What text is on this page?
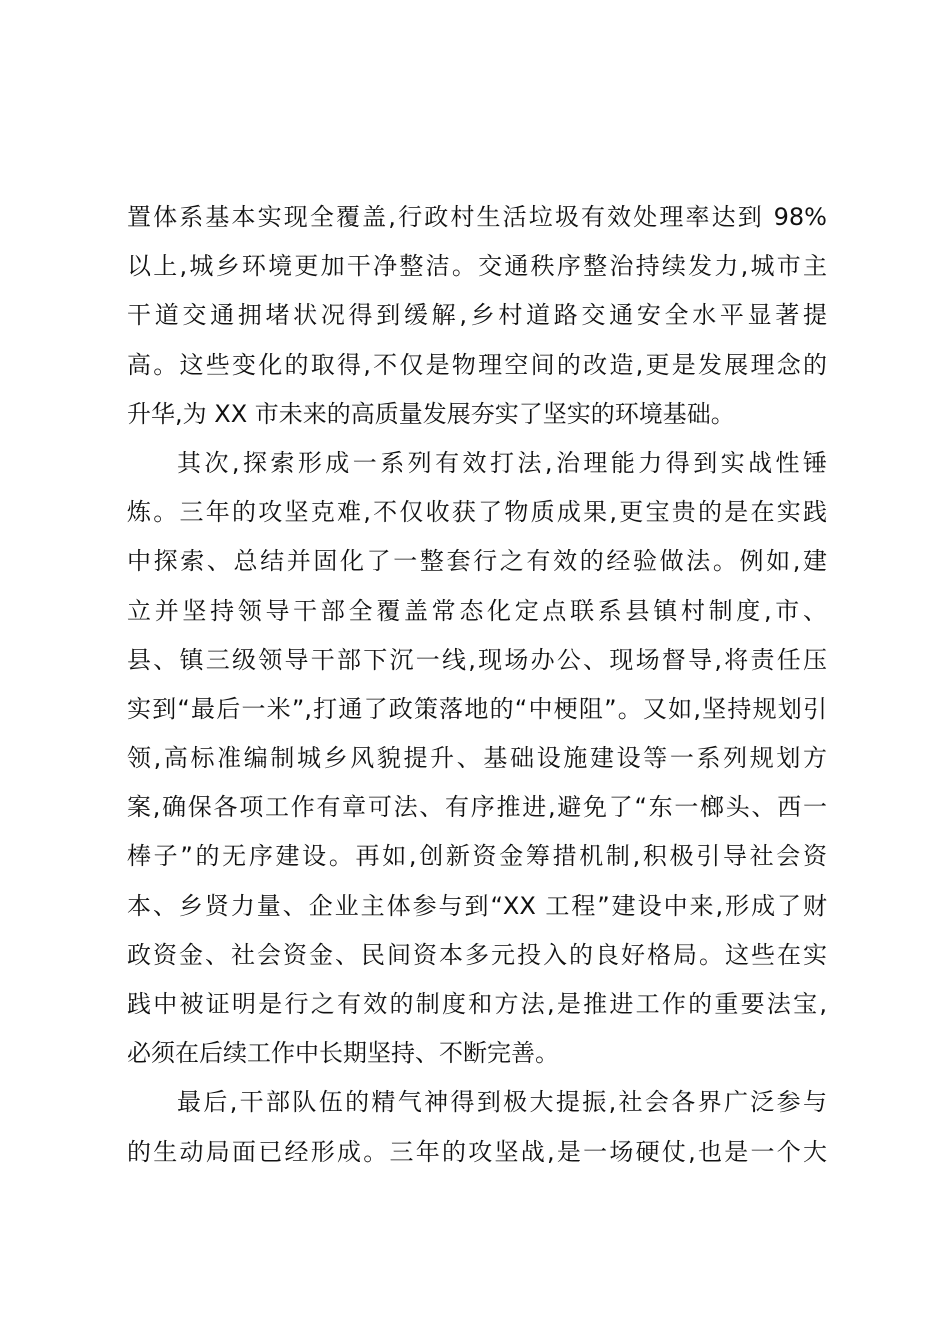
置体系基本实现全覆盖,行政村生活垃圾有效处理率达到 98%
以上,城乡环境更加干净整洁。交通秩序整治持续发力,城市主
干道交通拥堵状况得到缓解,乡村道路交通安全水平显著提
高。这些变化的取得,不仅是物理空间的改造,更是发展理念的
升华,为 XX 市未来的高质量发展夯实了坚实的环境基础。
其次,探索形成一系列有效打法,治理能力得到实战性锤
炼。三年的攻坚克难,不仅收获了物质成果,更宝贵的是在实践
中探索、总结并固化了一整套行之有效的经验做法。例如,建
立并坚持领导干部全覆盖常态化定点联系县镇村制度,市、
县、镇三级领导干部下沉一线,现场办公、现场督导,将责任压
实到“最后一米”,打通了政策落地的“中梗阻”。又如,坚持规划引
领,高标准编制城乡风貌提升、基础设施建设等一系列规划方
案,确保各项工作有章可法、有序推进,避免了“东一榔头、西一
棒子”的无序建设。再如,创新资金筹措机制,积极引导社会资
本、乡贤力量、企业主体参与到“XX 工程”建设中来,形成了财
政资金、社会资金、民间资本多元投入的良好格局。这些在实
践中被证明是行之有效的制度和方法,是推进工作的重要法宝,
必须在后续工作中长期坚持、不断完善。
最后,干部队伍的精气神得到极大提振,社会各界广泛参与
的生动局面已经形成。三年的攻坚战,是一场硬仗,也是一个大
